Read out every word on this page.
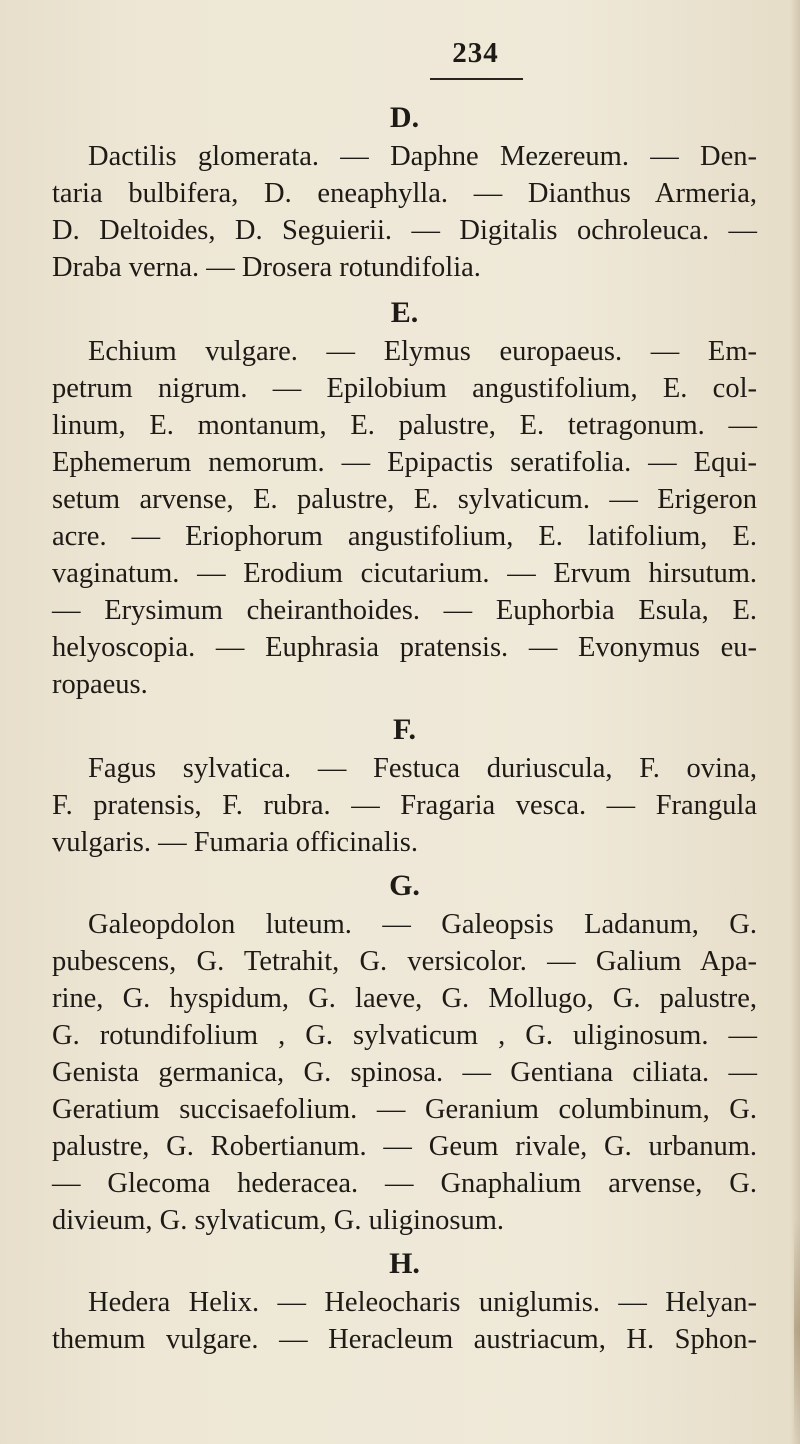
234
D.
Dactilis glomerata. — Daphne Mezereum. — Den-
taria bulbifera, D. eneaphylla. — Dianthus Armeria,
D. Deltoides, D. Seguierii. — Digitalis ochroleuca. —
Draba verna. — Drosera rotundifolia.
E.
Echium vulgare. — Elymus europaeus. — Em-
petrum nigrum. — Epilobium angustifolium, E. col-
linum, E. montanum, E. palustre, E. tetragonum. —
Ephemerum nemorum. — Epipactis seratifolia. — Equi-
setum arvense, E. palustre, E. sylvaticum. — Erigeron
acre. — Eriophorum angustifolium, E. latifolium, E.
vaginatum. — Erodium cicutarium. — Ervum hirsutum.
— Erysimum cheiranthoides. — Euphorbia Esula, E.
helyoscopia. — Euphrasia pratensis. — Evonymus eu-
ropaeus.
F.
Fagus sylvatica. — Festuca duriuscula, F. ovina,
F. pratensis, F. rubra. — Fragaria vesca. — Frangula
vulgaris. — Fumaria officinalis.
G.
Galeopdolon luteum. — Galeopsis Ladanum, G.
pubescens, G. Tetrahit, G. versicolor. — Galium Apa-
rine, G. hyspidum, G. laeve, G. Mollugo, G. palustre,
G. rotundifolium , G. sylvaticum , G. uliginosum. —
Genista germanica, G. spinosa. — Gentiana ciliata. —
Geratium succisaefolium. — Geranium columbinum, G.
palustre, G. Robertianum. — Geum rivale, G. urbanum.
— Glecoma hederacea. — Gnaphalium arvense, G.
divieum, G. sylvaticum, G. uliginosum.
H.
Hedera Helix. — Heleocharis uniglumis. — Helyan-
themum vulgare. — Heracleum austriacum, H. Sphon-
